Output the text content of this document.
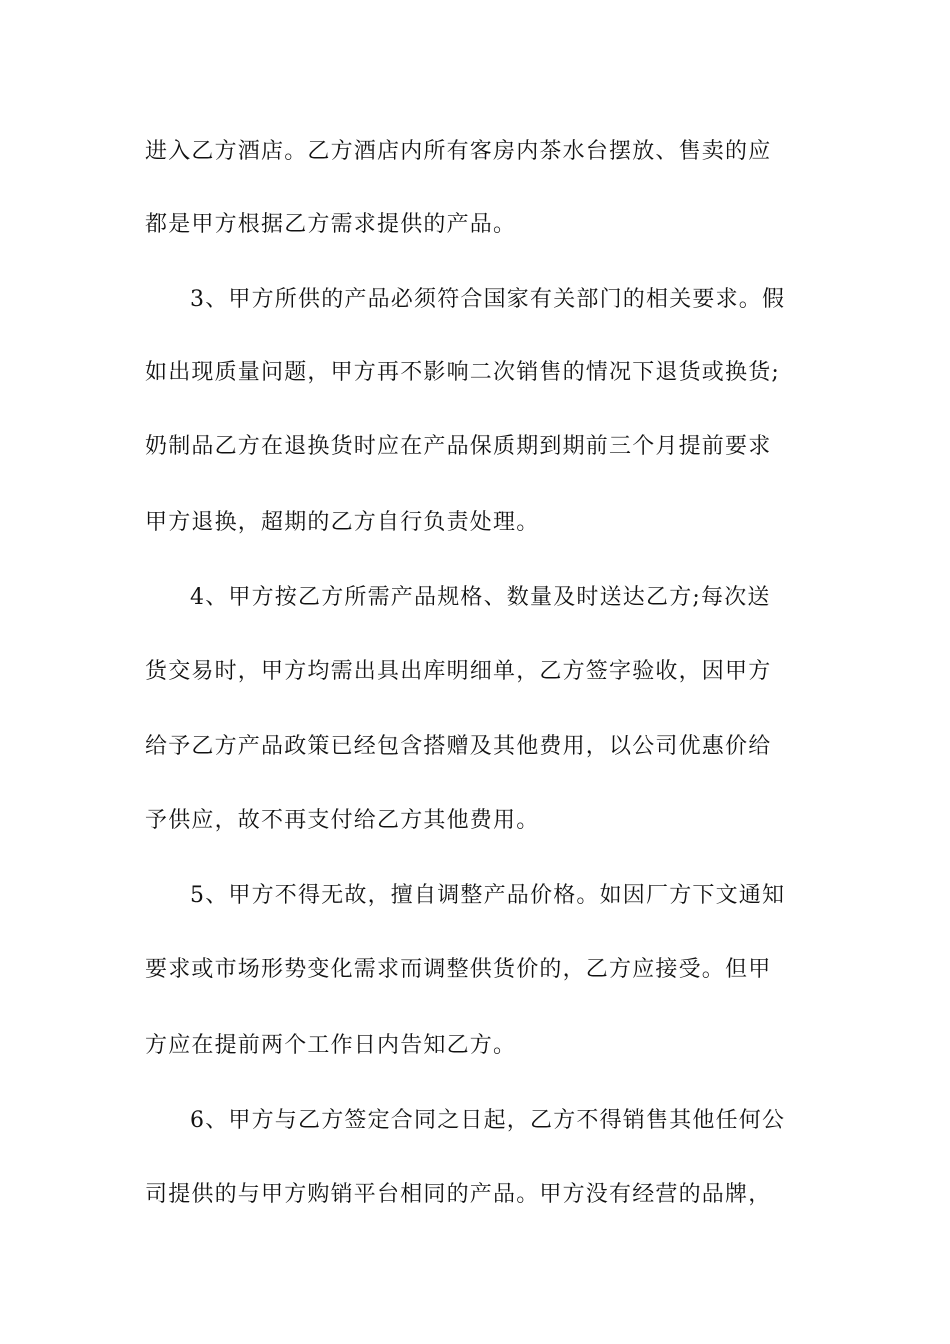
进入乙方酒店。乙方酒店内所有客房内茶水台摆放、售卖的应
都是甲方根据乙方需求提供的产品。
3、甲方所供的产品必须符合国家有关部门的相关要求。假
如出现质量问题，甲方再不影响二次销售的情况下退货或换货;
奶制品乙方在退换货时应在产品保质期到期前三个月提前要求
甲方退换，超期的乙方自行负责处理。
4、甲方按乙方所需产品规格、数量及时送达乙方;每次送
货交易时，甲方均需出具出库明细单，乙方签字验收，因甲方
给予乙方产品政策已经包含搭赠及其他费用，以公司优惠价给
予供应，故不再支付给乙方其他费用。
5、甲方不得无故，擅自调整产品价格。如因厂方下文通知
要求或市场形势变化需求而调整供货价的，乙方应接受。但甲
方应在提前两个工作日内告知乙方。
6、甲方与乙方签定合同之日起，乙方不得销售其他任何公
司提供的与甲方购销平台相同的产品。甲方没有经营的品牌，
